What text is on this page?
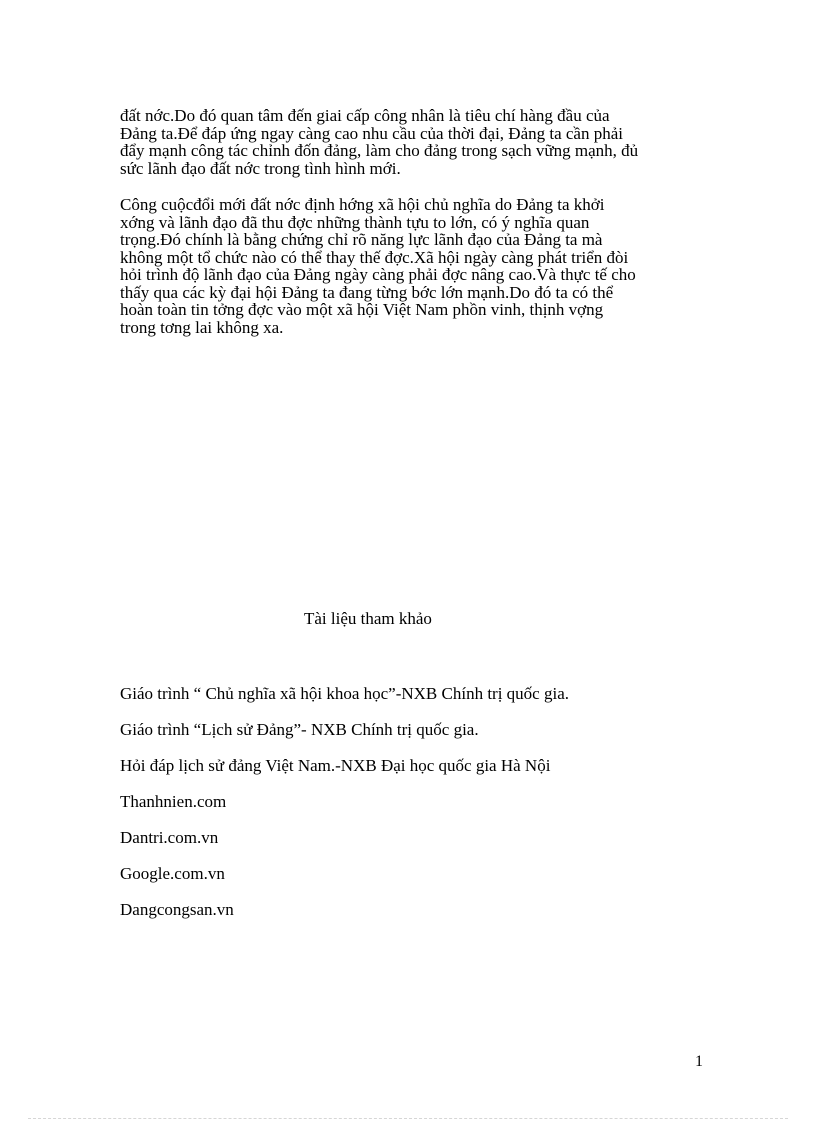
đất nớc.Do đó quan tâm đến giai cấp công nhân là tiêu chí hàng đầu của
Đảng ta.Để đáp ứng ngay càng cao nhu cầu của thời đại, Đảng ta cần phải
đẩy mạnh công tác chỉnh đốn đảng, làm cho đảng trong sạch vững mạnh, đủ
sức lãnh đạo đất nớc trong tình hình mới.

Công cuộcđổi mới đất nớc định hớng xã hội chủ nghĩa do Đảng ta khởi
xớng và lãnh đạo đã thu đợc những thành tựu to lớn, có ý nghĩa quan
trọng.Đó chính là bằng chứng chỉ rõ năng lực lãnh đạo của Đảng ta mà
không một tổ chức nào có thể thay thế đợc.Xã hội ngày càng phát triển đòi
hỏi trình độ lãnh đạo của Đảng ngày càng phải đợc nâng cao.Và thực tế cho
thấy qua các kỳ đại hội Đảng ta đang từng bớc lớn mạnh.Do đó ta có thể
hoàn toàn tin tởng đợc vào một xã hội Việt Nam phồn vinh, thịnh vợng
trong tơng lai không xa.

Tài liệu tham khảo
Giáo trình “ Chủ nghĩa xã hội khoa học”-NXB Chính trị quốc gia.
Giáo trình “Lịch sử Đảng”- NXB Chính trị quốc gia.
Hỏi đáp lịch sử đảng Việt Nam.-NXB Đại học quốc gia Hà Nội
Thanhnien.com
Dantri.com.vn
Google.com.vn
Dangcongsan.vn
1
